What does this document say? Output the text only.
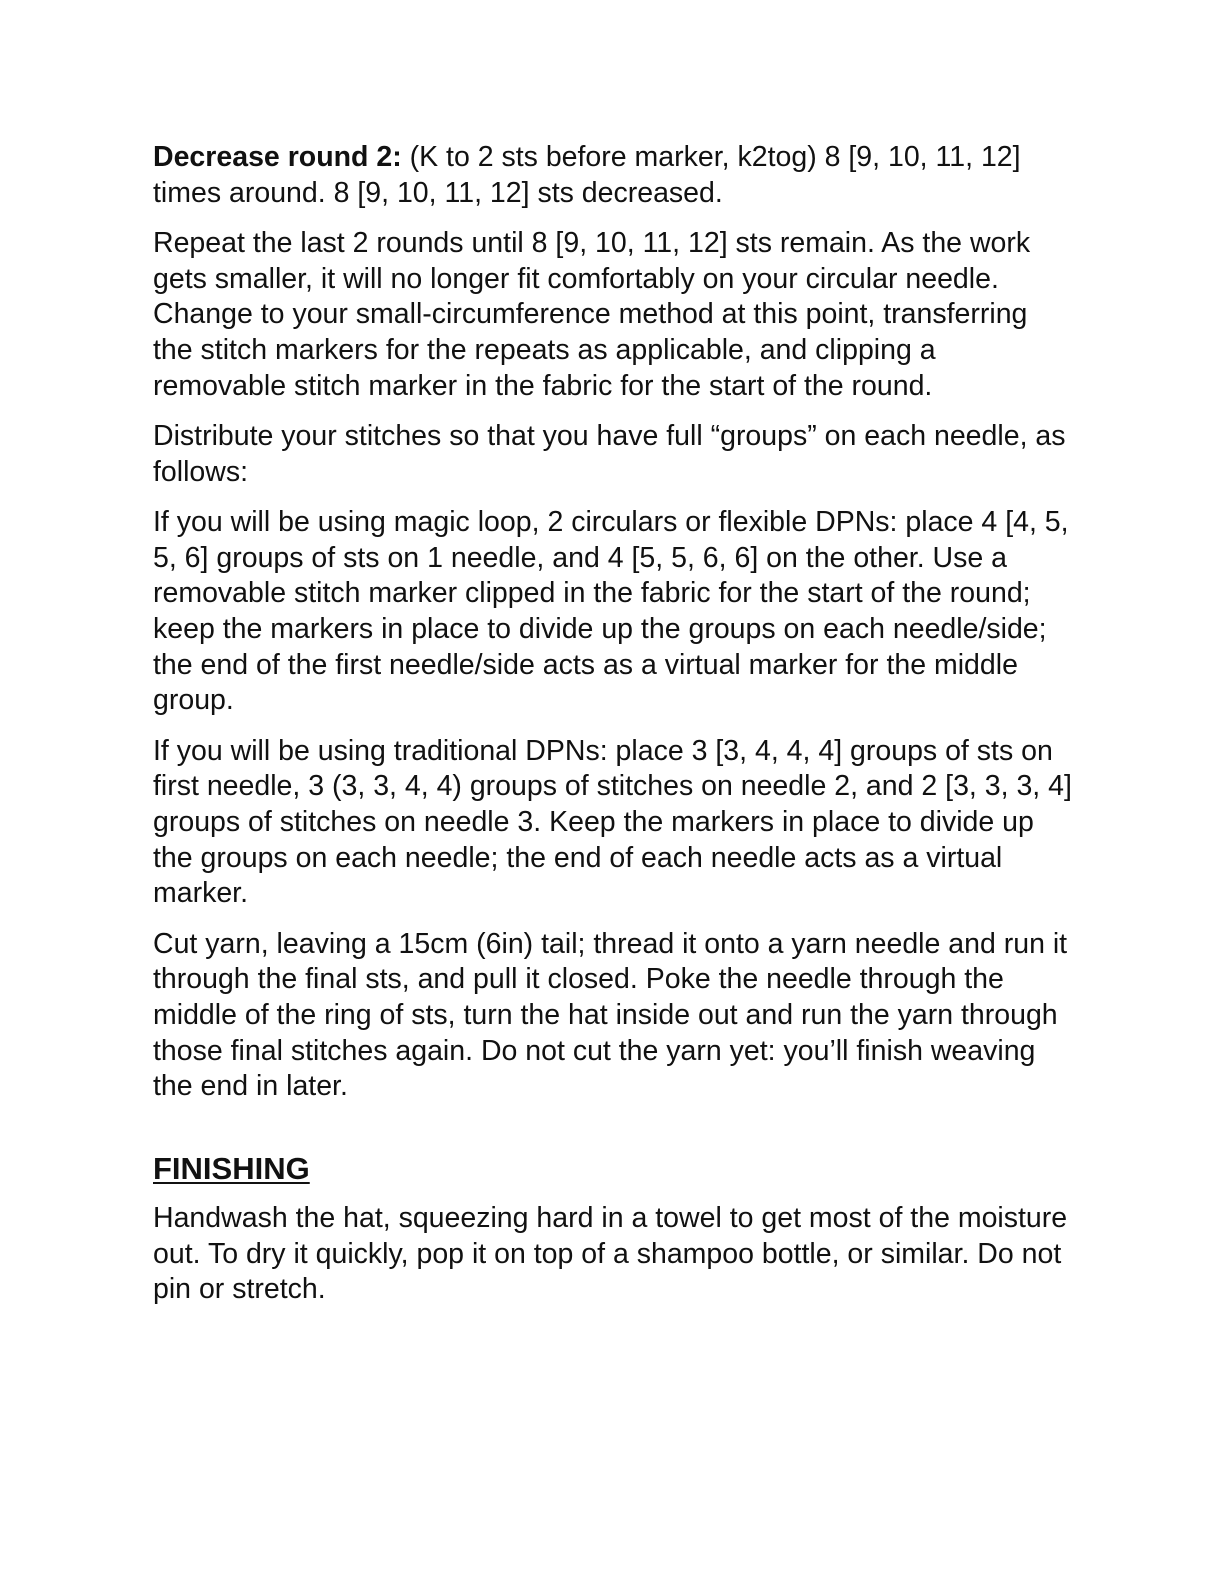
Decrease round 2: (K to 2 sts before marker, k2tog) 8 [9, 10, 11, 12] times around. 8 [9, 10, 11, 12] sts decreased.

Repeat the last 2 rounds until 8 [9, 10, 11, 12] sts remain. As the work gets smaller, it will no longer fit comfortably on your circular needle. Change to your small-circumference method at this point, transferring the stitch markers for the repeats as applicable, and clipping a removable stitch marker in the fabric for the start of the round.

Distribute your stitches so that you have full “groups” on each needle, as follows:

If you will be using magic loop, 2 circulars or flexible DPNs: place 4 [4, 5, 5, 6] groups of sts on 1 needle, and 4 [5, 5, 6, 6] on the other. Use a removable stitch marker clipped in the fabric for the start of the round; keep the markers in place to divide up the groups on each needle/side; the end of the first needle/side acts as a virtual marker for the middle group.

If you will be using traditional DPNs: place 3 [3, 4, 4, 4] groups of sts on first needle, 3 (3, 3, 4, 4) groups of stitches on needle 2, and 2 [3, 3, 3, 4] groups of stitches on needle 3. Keep the markers in place to divide up the groups on each needle; the end of each needle acts as a virtual marker.

Cut yarn, leaving a 15cm (6in) tail; thread it onto a yarn needle and run it through the final sts, and pull it closed. Poke the needle through the middle of the ring of sts, turn the hat inside out and run the yarn through those final stitches again. Do not cut the yarn yet: you’ll finish weaving the end in later.

FINISHING

Handwash the hat, squeezing hard in a towel to get most of the moisture out. To dry it quickly, pop it on top of a shampoo bottle, or similar. Do not pin or stretch.
